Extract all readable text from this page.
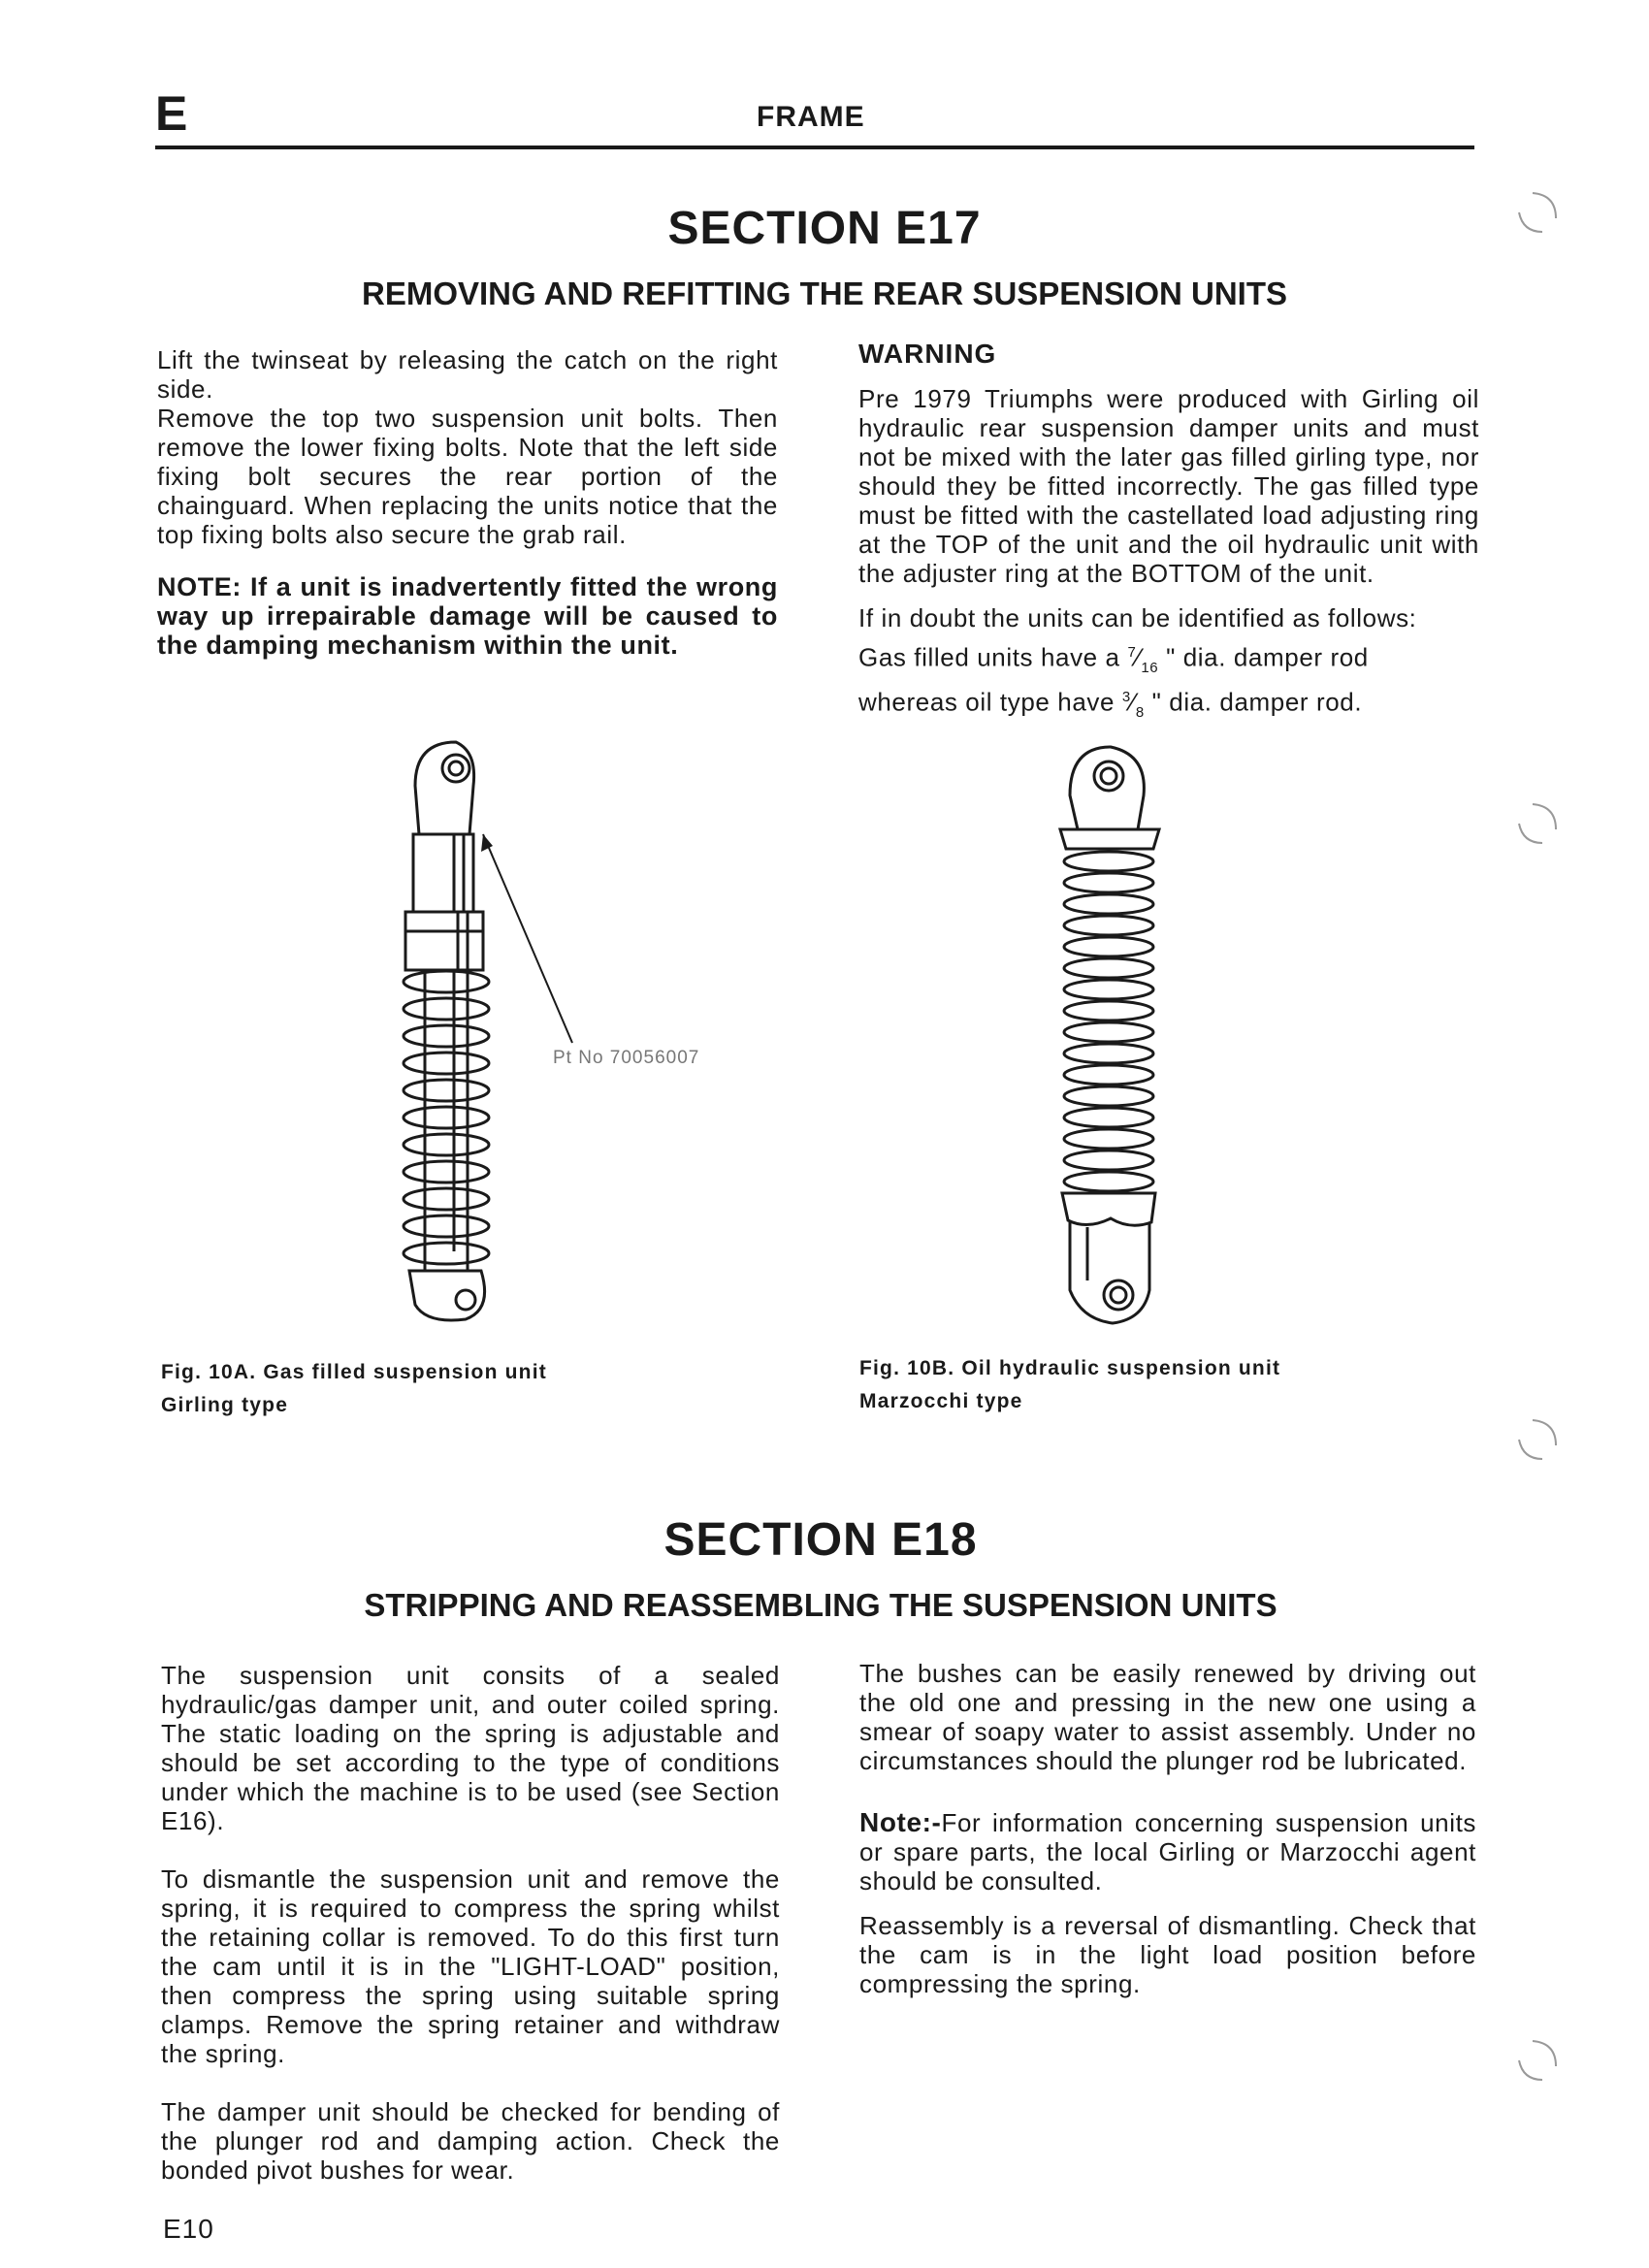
E	FRAME
SECTION E17
REMOVING AND REFITTING THE REAR SUSPENSION UNITS

Lift the twinseat by releasing the catch on the right side.

Remove the top two suspension unit bolts. Then remove the lower fixing bolts. Note that the left side fixing bolt secures the rear portion of the chainguard. When replacing the units notice that the top fixing bolts also secure the grab rail.

NOTE: If a unit is inadvertently fitted the wrong way up irrepairable damage will be caused to the damping mechanism within the unit.

WARNING

Pre 1979 Triumphs were produced with Girling oil hydraulic rear suspension damper units and must not be mixed with the later gas filled girling type, nor should they be fitted incorrectly. The gas filled type must be fitted with the castellated load adjusting ring at the TOP of the unit and the oil hydraulic unit with the adjuster ring at the BOTTOM of the unit.

If in doubt the units can be identified as follows:

Gas filled units have a $^7⁄_{16}$ " dia. damper rod

whereas oil type have $^3⁄_8$ " dia. damper rod.

Pt No 70056007
Fig. 10A. Gas filled suspension unit
Girling type
Fig. 10B. Oil hydraulic suspension unit
Marzocchi type
SECTION E18
STRIPPING AND REASSEMBLING THE SUSPENSION UNITS

The suspension unit consits of a sealed hydraulic/gas damper unit, and outer coiled spring. The static loading on the spring is adjustable and should be set according to the type of conditions under which the machine is to be used (see Section E16).

To dismantle the suspension unit and remove the spring, it is required to compress the spring whilst the retaining collar is removed. To do this first turn the cam until it is in the "LIGHT-LOAD" position, then compress the spring using suitable spring clamps. Remove the spring retainer and withdraw the spring.

The damper unit should be checked for bending of the plunger rod and damping action. Check the bonded pivot bushes for wear.

The bushes can be easily renewed by driving out the old one and pressing in the new one using a smear of soapy water to assist assembly. Under no circumstances should the plunger rod be lubricated.

Note:-For information concerning suspension units or spare parts, the local Girling or Marzocchi agent should be consulted.

Reassembly is a reversal of dismantling. Check that the cam is in the light load position before compressing the spring.

E10
